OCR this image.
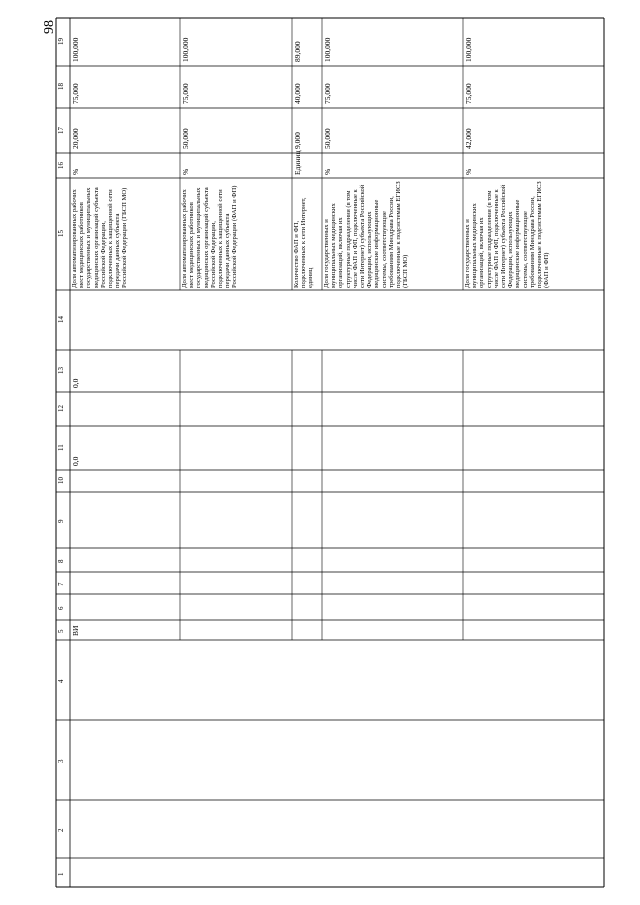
98
1
2
3
4
5
6
7
8
9
10
11
12
13
14
15
16
17
18
19
ВИ
0,0
0,0
Доля автоматизированных рабочих мест медицинских работников государственных и муниципальных медицинских организаций субъекта Российской Федерации, подключенных к защищенной сети передачи данных субъекта Российской Федерации (ГБСП МО)
%
20,000
75,000
100,000
Доля автоматизированных рабочих мест медицинских работников государственных и муниципальных медицинских организаций субъекта Российской Федерации, подключенных к защищенной сети передачи данных субъекта Российской Федерации (ФАП и ФП)
%
50,000
75,000
100,000
Количество ФАП и ФП, подключенных к сети Интернет, единиц
Единиц
9,000
40,000
89,000
Доля государственных и муниципальных медицинских организаций, включая их структурные подразделения (в том числе ФАП и ФП, подключенные к сети Интернет) субъекта Российской Федерации, использующих медицинские информационные системы, соответствующие требованиям Минздрава России, подключенные к подсистемам ЕГИСЗ (ГБСП МО)
%
50,000
75,000
100,000
Доля государственных и муниципальных медицинских организаций, включая их структурные подразделения (в том числе ФАП и ФП, подключенные к сети Интернет) субъекта Российской Федерации, использующих медицинские информационные системы, соответствующие требованиям Минздрава России, подключенные к подсистемам ЕГИСЗ (ФАП и ФП)
%
42,000
75,000
100,000
